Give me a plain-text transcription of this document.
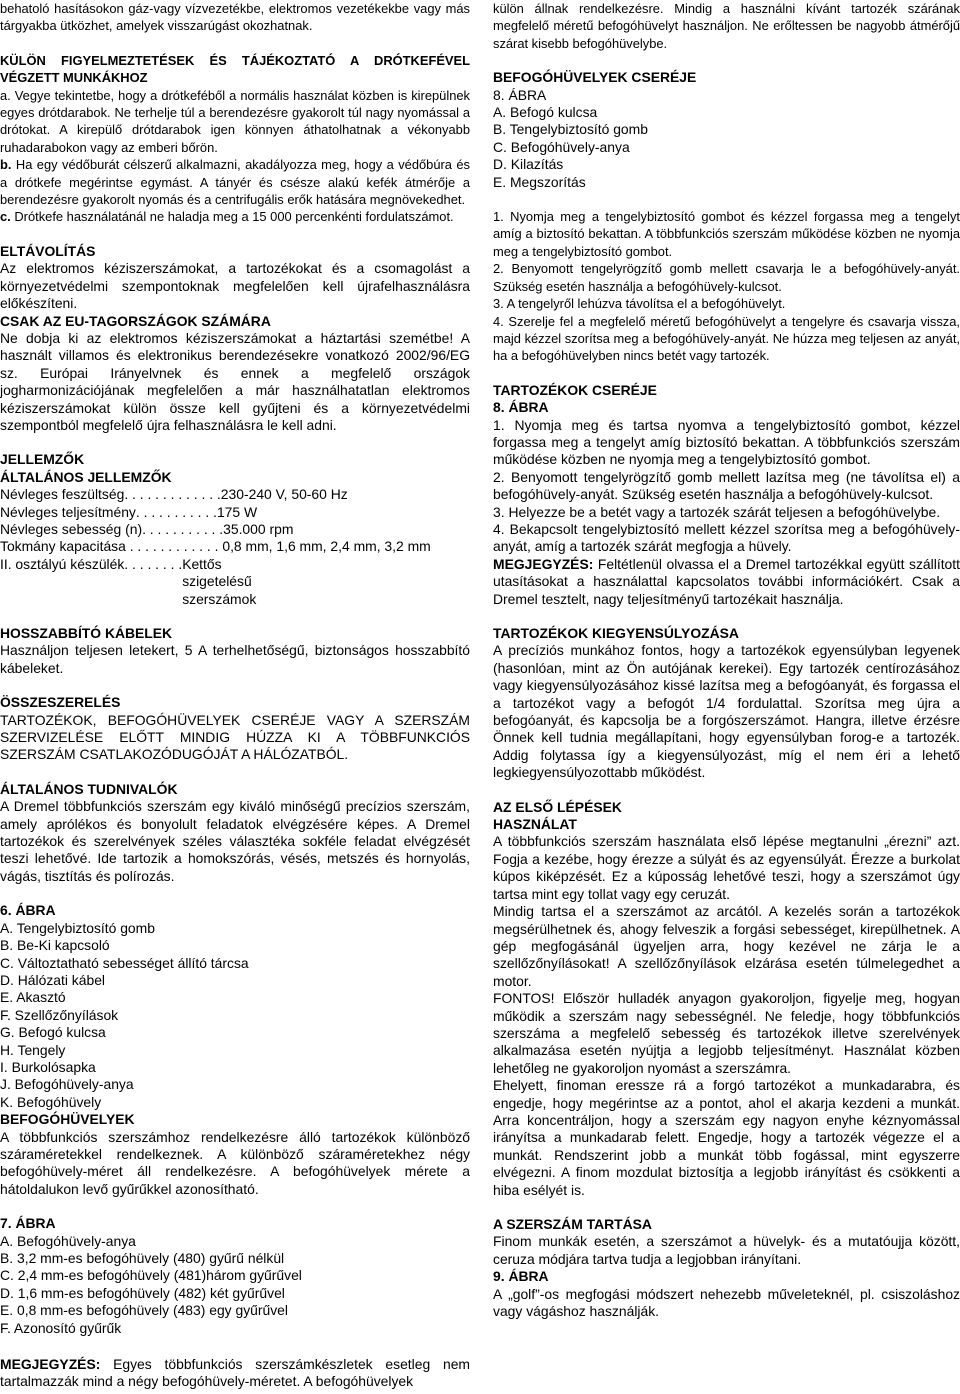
behatoló hasításokon gáz-vagy vízvezetékbe, elektromos vezetékekbe vagy más tárgyakba ütközhet, amelyek visszarúgást okozhatnak.

KÜLÖN FIGYELMEZTETÉSEK ÉS TÁJÉKOZTATÓ A DRÓTKEFÉVEL VÉGZETT MUNKÁKHOZ
a. Vegye tekintetbe, hogy a drótkeféből a normális használat közben is kirepülnek egyes drótdarabok. Ne terhelje túl a berendezésre gyakorolt túl nagy nyomással a drótokat. A kirepülő drótdarabok igen könnyen áthatolhatnak a vékonyabb ruhadarabokon vagy az emberi bőrön.
b. Ha egy védőburát célszerű alkalmazni, akadályozza meg, hogy a védőbúra és a drótkefe megérintse egymást. A tányér és csésze alakú kefék átmérője a berendezésre gyakorolt nyomás és a centrifugális erők hatására megnövekedhet.
c. Drótkefe használatánál ne haladja meg a 15 000 percenkénti fordulatszámot.

ELTÁVOLÍTÁS
Az elektromos kéziszerszámokat, a tartozékokat és a csomagolást a környezetvédelmi szempontoknak megfelelően kell újrafelhasználásra előkészíteni.
CSAK AZ EU-TAGORSZÁGOK SZÁMÁRA
Ne dobja ki az elektromos kéziszerszámokat a háztartási szemétbe! A használt villamos és elektronikus berendezésekre vonatkozó 2002/96/EG sz. Európai Irányelvnek és ennek a megfelelő országok jogharmonizációjának megfelelően a már használhatatlan elektromos kéziszerszámokat külön össze kell gyűjteni és a környezetvédelmi szempontból megfelelő újra felhasználásra le kell adni.

JELLEMZŐK
ÁLTALÁNOS JELLEMZŐK
Névleges feszültség . . . . . . . . . . . . . 230-240 V, 50-60 Hz
Névleges teljesítmény . . . . . . . . . . . 175 W
Névleges sebesség (n) . . . . . . . . . . . 35.000 rpm
Tokmány kapacitása . . . . . . . . . . . . 0,8 mm, 1,6 mm, 2,4 mm, 3,2 mm
II. osztályú készülék . . . . . . . . Kettős szigetelésű szerszámok

HOSSZABBÍTÓ KÁBELEK
Használjon teljesen letekert, 5 A terhelhetőségű, biztonságos hosszabbító kábeleket.

ÖSSZESZERELÉS
TARTOZÉKOK, BEFOGÓHÜVELYEK CSERÉJE VAGY A SZERSZÁM SZERVIZELÉSE ELŐTT MINDIG HÚZZA KI A TÖBBFUNKCIÓS SZERSZÁM CSATLAKOZÓDUGÓJÁT A HÁLÓZATBÓL.

ÁLTALÁNOS TUDNIVALÓK
A Dremel többfunkciós szerszám egy kiváló minőségű precízios szerszám, amely aprólékos és bonyolult feladatok elvégzésére képes. A Dremel tartozékok és szerelvények széles választéka sokféle feladat elvégzését teszi lehetővé. Ide tartozik a homokszórás, vésés, metszés és hornyolás, vágás, tisztítás és polírozás.

6. ÁBRA
A. Tengelybiztosító gomb
B. Be-Ki kapcsoló
C. Változtatható sebességet állító tárcsa
D. Hálózati kábel
E. Akasztó
F. Szellőzőnyílások
G. Befogó kulcsa
H. Tengely
I. Burkolósapka
J. Befogóhüvely-anya
K. Befogóhüvely

BEFOGÓHÜVELYEK
A többfunkciós szerszámhoz rendelkezésre álló tartozékok különböző száraméretekkel rendelkeznek. A különböző száraméretekhez négy befogóhüvely-méret áll rendelkezésre. A befogóhüvelyek mérete a hátoldalukon levő gyűrűkkel azonosítható.

7. ÁBRA
A. Befogóhüvely-anya
B. 3,2 mm-es befogóhüvely (480) gyűrű nélkül
C. 2,4 mm-es befogóhüvely (481)három gyűrűvel
D. 1,6 mm-es befogóhüvely (482) két gyűrűvel
E. 0,8 mm-es befogóhüvely (483) egy gyűrűvel
F. Azonosító gyűrűk

MEGJEGYZÉS: Egyes többfunkciós szerszámkészletek esetleg nem tartalmazzák mind a négy befogóhüvely-méretet. A befogóhüvelyek

külön állnak rendelkezésre. Mindig a használni kívánt tartozék szárának megfelelő méretű befogóhüvelyt használjon. Ne erőltessen be nagyobb átmérőjű szárat kisebb befogóhüvelybe.

BEFOGÓHÜVELYEK CSERÉJE
8. ÁBRA
A. Befogó kulcsa
B. Tengelybiztosító gomb
C. Befogóhüvely-anya
D. Kilazítás
E. Megszorítás

1. Nyomja meg a tengelybiztosító gombot és kézzel forgassa meg a tengelyt amíg a biztosító bekattan. A többfunkciós szerszám működése közben ne nyomja meg a tengelybiztosító gombot.

2. Benyomott tengelyrögzítő gomb mellett csavarja le a befogóhüvely-anyát. Szükség esetén használja a befogóhüvely-kulcsot.

3. A tengelyről lehúzva távolítsa el a befogóhüvelyt.

4. Szerelje fel a megfelelő méretű befogóhüvelyt a tengelyre és csavarja vissza, majd kézzel szorítsa meg a befogóhüvely-anyát. Ne húzza meg teljesen az anyát, ha a befogóhüvelyben nincs betét vagy tartozék.

TARTOZÉKOK CSERÉJE
8. ÁBRA

1. Nyomja meg és tartsa nyomva a tengelybiztosító gombot, kézzel forgassa meg a tengelyt amíg biztosító bekattan. A többfunkciós szerszám működése közben ne nyomja meg a tengelybiztosító gombot.

2. Benyomott tengelyrögzítő gomb mellett lazítsa meg (ne távolítsa el) a befogóhüvely-anyát. Szükség esetén használja a befogóhüvely-kulcsot.

3. Helyezze be a betét vagy a tartozék szárát teljesen a befogóhüvelybe.

4. Bekapcsolt tengelybiztosító mellett kézzel szorítsa meg a befogóhüvely-anyát, amíg a tartozék szárát megfogja a hüvely.

MEGJEGYZÉS: Feltétlenül olvassa el a Dremel tartozékkal együtt szállított utasításokat a használattal kapcsolatos további információkért. Csak a Dremel tesztelt, nagy teljesítményű tartozékait használja.

TARTOZÉKOK KIEGYENSÚLYOZÁSA
A precíziós munkához fontos, hogy a tartozékok egyensúlyban legyenek (hasonlóan, mint az Ön autójának kerekei). Egy tartozék centírozásához vagy kiegyensúlyozásához kissé lazítsa meg a befogóanyát, és forgassa el a tartozékot vagy a befogót 1/4 fordulattal. Szorítsa meg újra a befogóanyát, és kapcsolja be a forgószerszámot. Hangra, illetve érzésre Önnek kell tudnia megállapítani, hogy egyensúlyban forog-e a tartozék. Addig folytassa így a kiegyensúlyozást, míg el nem éri a lehető legkiegyensúlyozottabb működést.

AZ ELSŐ LÉPÉSEK
HASZNÁLAT

A többfunkciós szerszám használata első lépése megtanulni „érezni” azt. Fogja a kezébe, hogy érezze a súlyát és az egyensúlyát. Érezze a burkolat kúpos kiképzését. Ez a kúposság lehetővé teszi, hogy a szerszámot úgy tartsa mint egy tollat vagy egy ceruzát.

Mindig tartsa el a szerszámot az arcától. A kezelés során a tartozékok megsérülhetnek és, ahogy felveszik a forgási sebességet, kirepülhetnek. A gép megfogásánál ügyeljen arra, hogy kezével ne zárja le a szellőzőnyílásokat! A szellőzőnyílások elzárása esetén túlmelegedhet a motor.

FONTOS! Először hulladék anyagon gyakoroljon, figyelje meg, hogyan működik a szerszám nagy sebességnél. Ne feledje, hogy többfunkciós szerszáma a megfelelő sebesség és tartozékok illetve szerelvények alkalmazása esetén nyújtja a legjobb teljesítményt. Használat közben lehetőleg ne gyakoroljon nyomást a szerszámra.

Ehelyett, finoman eressze rá a forgó tartozékot a munkadarabra, és engedje, hogy megérintse az a pontot, ahol el akarja kezdeni a munkát. Arra koncentráljon, hogy a szerszám egy nagyon enyhe kéznyomással irányítsa a munkadarab felett. Engedje, hogy a tartozék végezze el a munkát. Rendszerint jobb a munkát több fogással, mint egyszerre elvégezni. A finom mozdulat biztosítja a legjobb irányítást és csökkenti a hiba esélyét is.

A SZERSZÁM TARTÁSA

Finom munkák esetén, a szerszámot a hüvelyk- és a mutatóujja között, ceruza módjára tartva tudja a legjobban irányítani.

9. ÁBRA

A „golf”-os megfogási módszert nehezebb műveleteknél, pl. csiszoláshoz vagy vágáshoz használják.
